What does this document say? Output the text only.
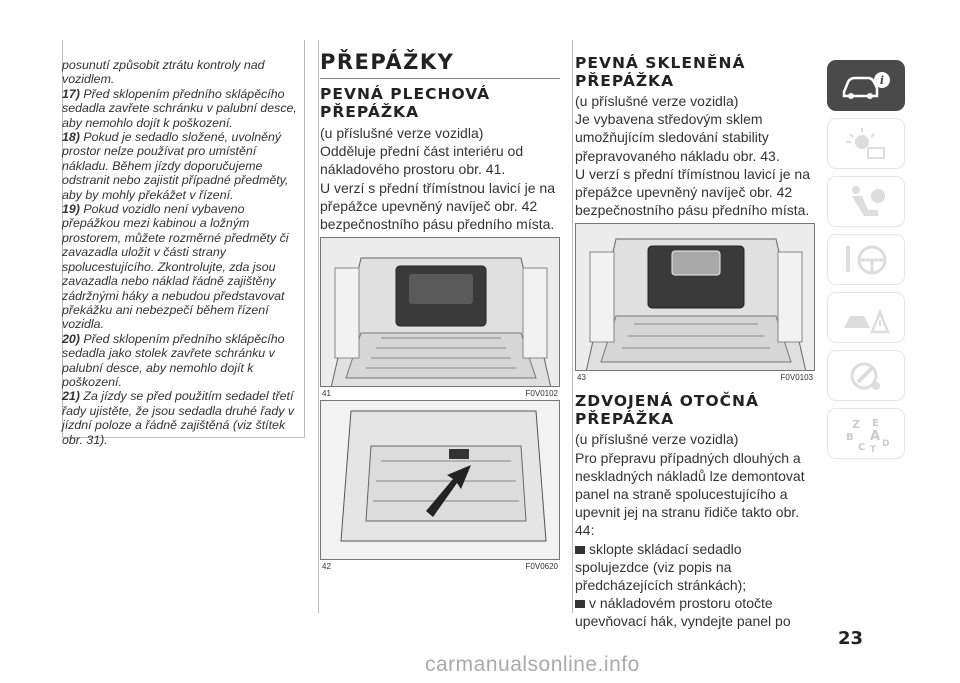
posunutí způsobit ztrátu kontroly nad vozidlem.
17) Před sklopením předního sklápěcího sedadla zavřete schránku v palubní desce, aby nemohlo dojít k poškození.
18) Pokud je sedadlo složené, uvolněný prostor nelze používat pro umístění nákladu. Během jízdy doporučujeme odstranit nebo zajistit případné předměty, aby by mohly překážet v řízení.
19) Pokud vozidlo není vybaveno přepážkou mezi kabinou a ložným prostorem, můžete rozměrné předměty či zavazadla uložit v části strany spolucestujícího. Zkontrolujte, zda jsou zavazadla nebo náklad řádně zajištěny zádržnými háky a nebudou představovat překážku ani nebezpečí během řízení vozidla.
20) Před sklopením předního sklápěcího sedadla jako stolek zavřete schránku v palubní desce, aby nemohlo dojít k poškození.
21) Za jízdy se před použitím sedadel třetí řady ujistěte, že jsou sedadla druhé řady v jízdní poloze a řádně zajištěná (viz štítek obr. 31).
PŘEPÁŽKY
PEVNÁ PLECHOVÁ PŘEPÁŽKA

(u příslušné verze vozidla)

Odděluje přední část interiéru od nákladového prostoru obr. 41.

U verzí s přední třímístnou lavicí je na přepážce upevněný navíječ obr. 42 bezpečnostního pásu předního místa.

41	F0V0102
42	F0V0620
PEVNÁ SKLENĚNÁ PŘEPÁŽKA

(u příslušné verze vozidla)

Je vybavena středovým sklem umožňujícím sledování stability přepravovaného nákladu obr. 43.

U verzí s přední třímístnou lavicí je na přepážce upevněný navíječ obr. 42 bezpečnostního pásu předního místa.

43	F0V0103
ZDVOJENÁ OTOČNÁ PŘEPÁŽKA

(u příslušné verze vozidla)

Pro přepravu případných dlouhých a neskladných nákladů lze demontovat panel na straně spolucestujícího a upevnit jej na stranu řidiče takto obr. 44:

sklopte skládací sedadlo spolujezdce (viz popis na předcházejících stránkách);

v nákladovém prostoru otočte upevňovací hák, vyndejte panel po

i
Z E
B A
C D
T
23
carmanualsonline.info
